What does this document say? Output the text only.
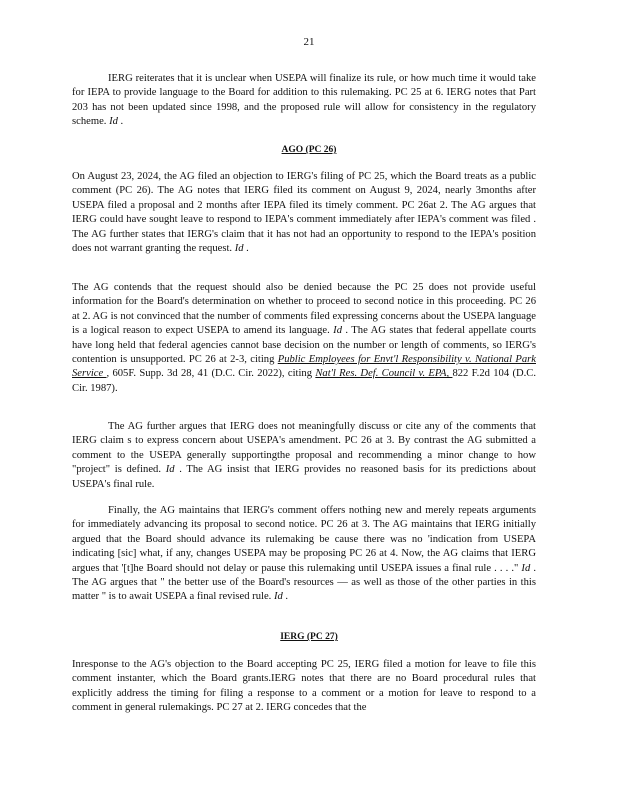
21

IERG reiterates that it is unclear when USEPA will finalize its rule, or how much time it would take for IEPA to provide language to the Board for addition to this rulemaking. PC 25 at 6. IERG notes that Part 203 has not been updated since 1998, and the proposed rule will allow for consistency in the regulatory scheme. Id .

AGO (PC 26)

On August 23, 2024, the AG filed an objection to IERG's filing of PC 25, which the Board treats as a public comment (PC 26). The AG notes that IERG filed its comment on August 9, 2024, nearly 3months after USEPA filed a proposal and 2 months after IEPA filed its timely comment. PC 26at 2. The AG argues that IERG could have sought leave to respond to IEPA's comment immediately after IEPA's comment was filed . The AG further states that IERG's claim that it has not had an opportunity to respond to the IEPA's position does not warrant granting the request. Id .

The AG contends that the request should also be denied because the PC 25 does not provide useful information for the Board's determination on whether to proceed to second notice in this proceeding. PC 26 at 2. AG is not convinced that the number of comments filed expressing concerns about the USEPA language is a logical reason to expect USEPA to amend its language. Id . The AG states that federal appellate courts have long held that federal agencies cannot base decision on the number or length of comments, so IERG's contention is unsupported. PC 26 at 2-3, citing Public Employees for Envt'l Responsibility v. National Park Service , 605F. Supp. 3d 28, 41 (D.C. Cir. 2022), citing Nat'l Res. Def. Council v. EPA, 822 F.2d 104 (D.C. Cir. 1987).

The AG further argues that IERG does not meaningfully discuss or cite any of the comments that IERG claim s to express concern about USEPA's amendment. PC 26 at 3. By contrast the AG submitted a comment to the USEPA generally supportingthe proposal and recommending a minor change to how "project" is defined. Id . The AG insist that IERG provides no reasoned basis for its predictions about USEPA's final rule.

Finally, the AG maintains that IERG's comment offers nothing new and merely repeats arguments for immediately advancing its proposal to second notice. PC 26 at 3. The AG maintains that IERG initially argued that the Board should advance its rulemaking be cause there was no 'indication from USEPA indicating [sic] what, if any, changes USEPA may be proposing PC 26 at 4. Now, the AG claims that IERG argues that '[t]he Board should not delay or pause this rulemaking until USEPA issues a final rule . . . ." Id . The AG argues that " the better use of the Board's resources — as well as those of the other parties in this matter " is to await USEPA a final revised rule. Id .

IERG (PC 27)

Inresponse to the AG's objection to the Board accepting PC 25, IERG filed a motion for leave to file this comment instanter, which the Board grants.IERG notes that there are no Board procedural rules that explicitly address the timing for filing a response to a comment or a motion for leave to respond to a comment in general rulemakings. PC 27 at 2. IERG concedes that the
